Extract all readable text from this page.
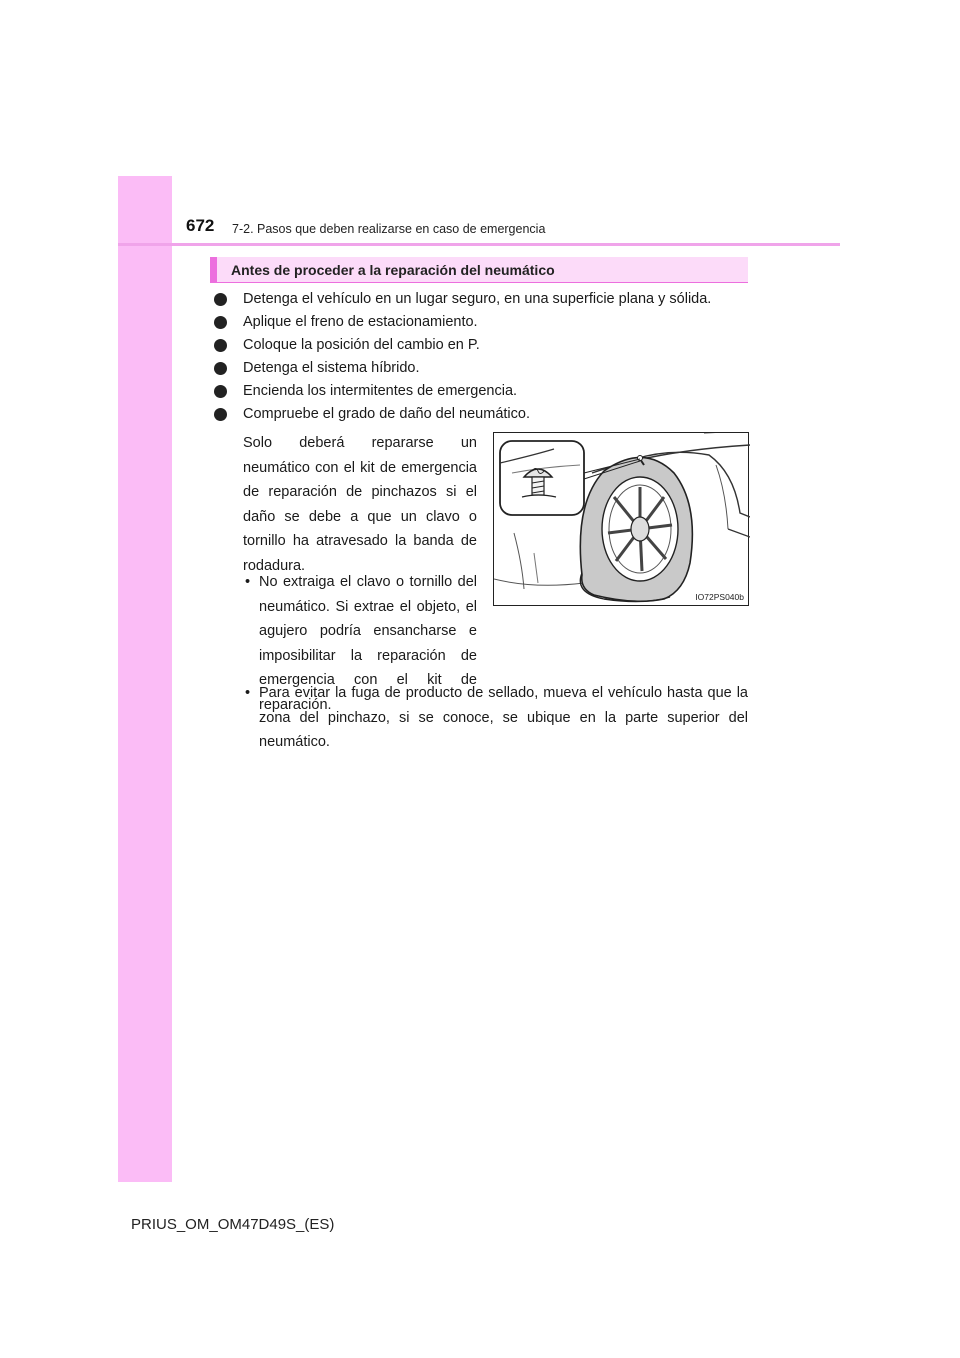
672 7-2. Pasos que deben realizarse en caso de emergencia
Antes de proceder a la reparación del neumático
Detenga el vehículo en un lugar seguro, en una superficie plana y sólida.
Aplique el freno de estacionamiento.
Coloque la posición del cambio en P.
Detenga el sistema híbrido.
Encienda los intermitentes de emergencia.
Compruebe el grado de daño del neumático.
Solo deberá repararse un neumático con el kit de emergencia de reparación de pinchazos si el daño se debe a que un clavo o tornillo ha atravesado la banda de rodadura.
• No extraiga el clavo o tornillo del neumático. Si extrae el objeto, el agujero podría ensancharse e imposibilitar la reparación de emergencia con el kit de reparación.
• Para evitar la fuga de producto de sellado, mueva el vehículo hasta que la zona del pinchazo, si se conoce, se ubique en la parte superior del neumático.
IO72PS040b
PRIUS_OM_OM47D49S_(ES)
